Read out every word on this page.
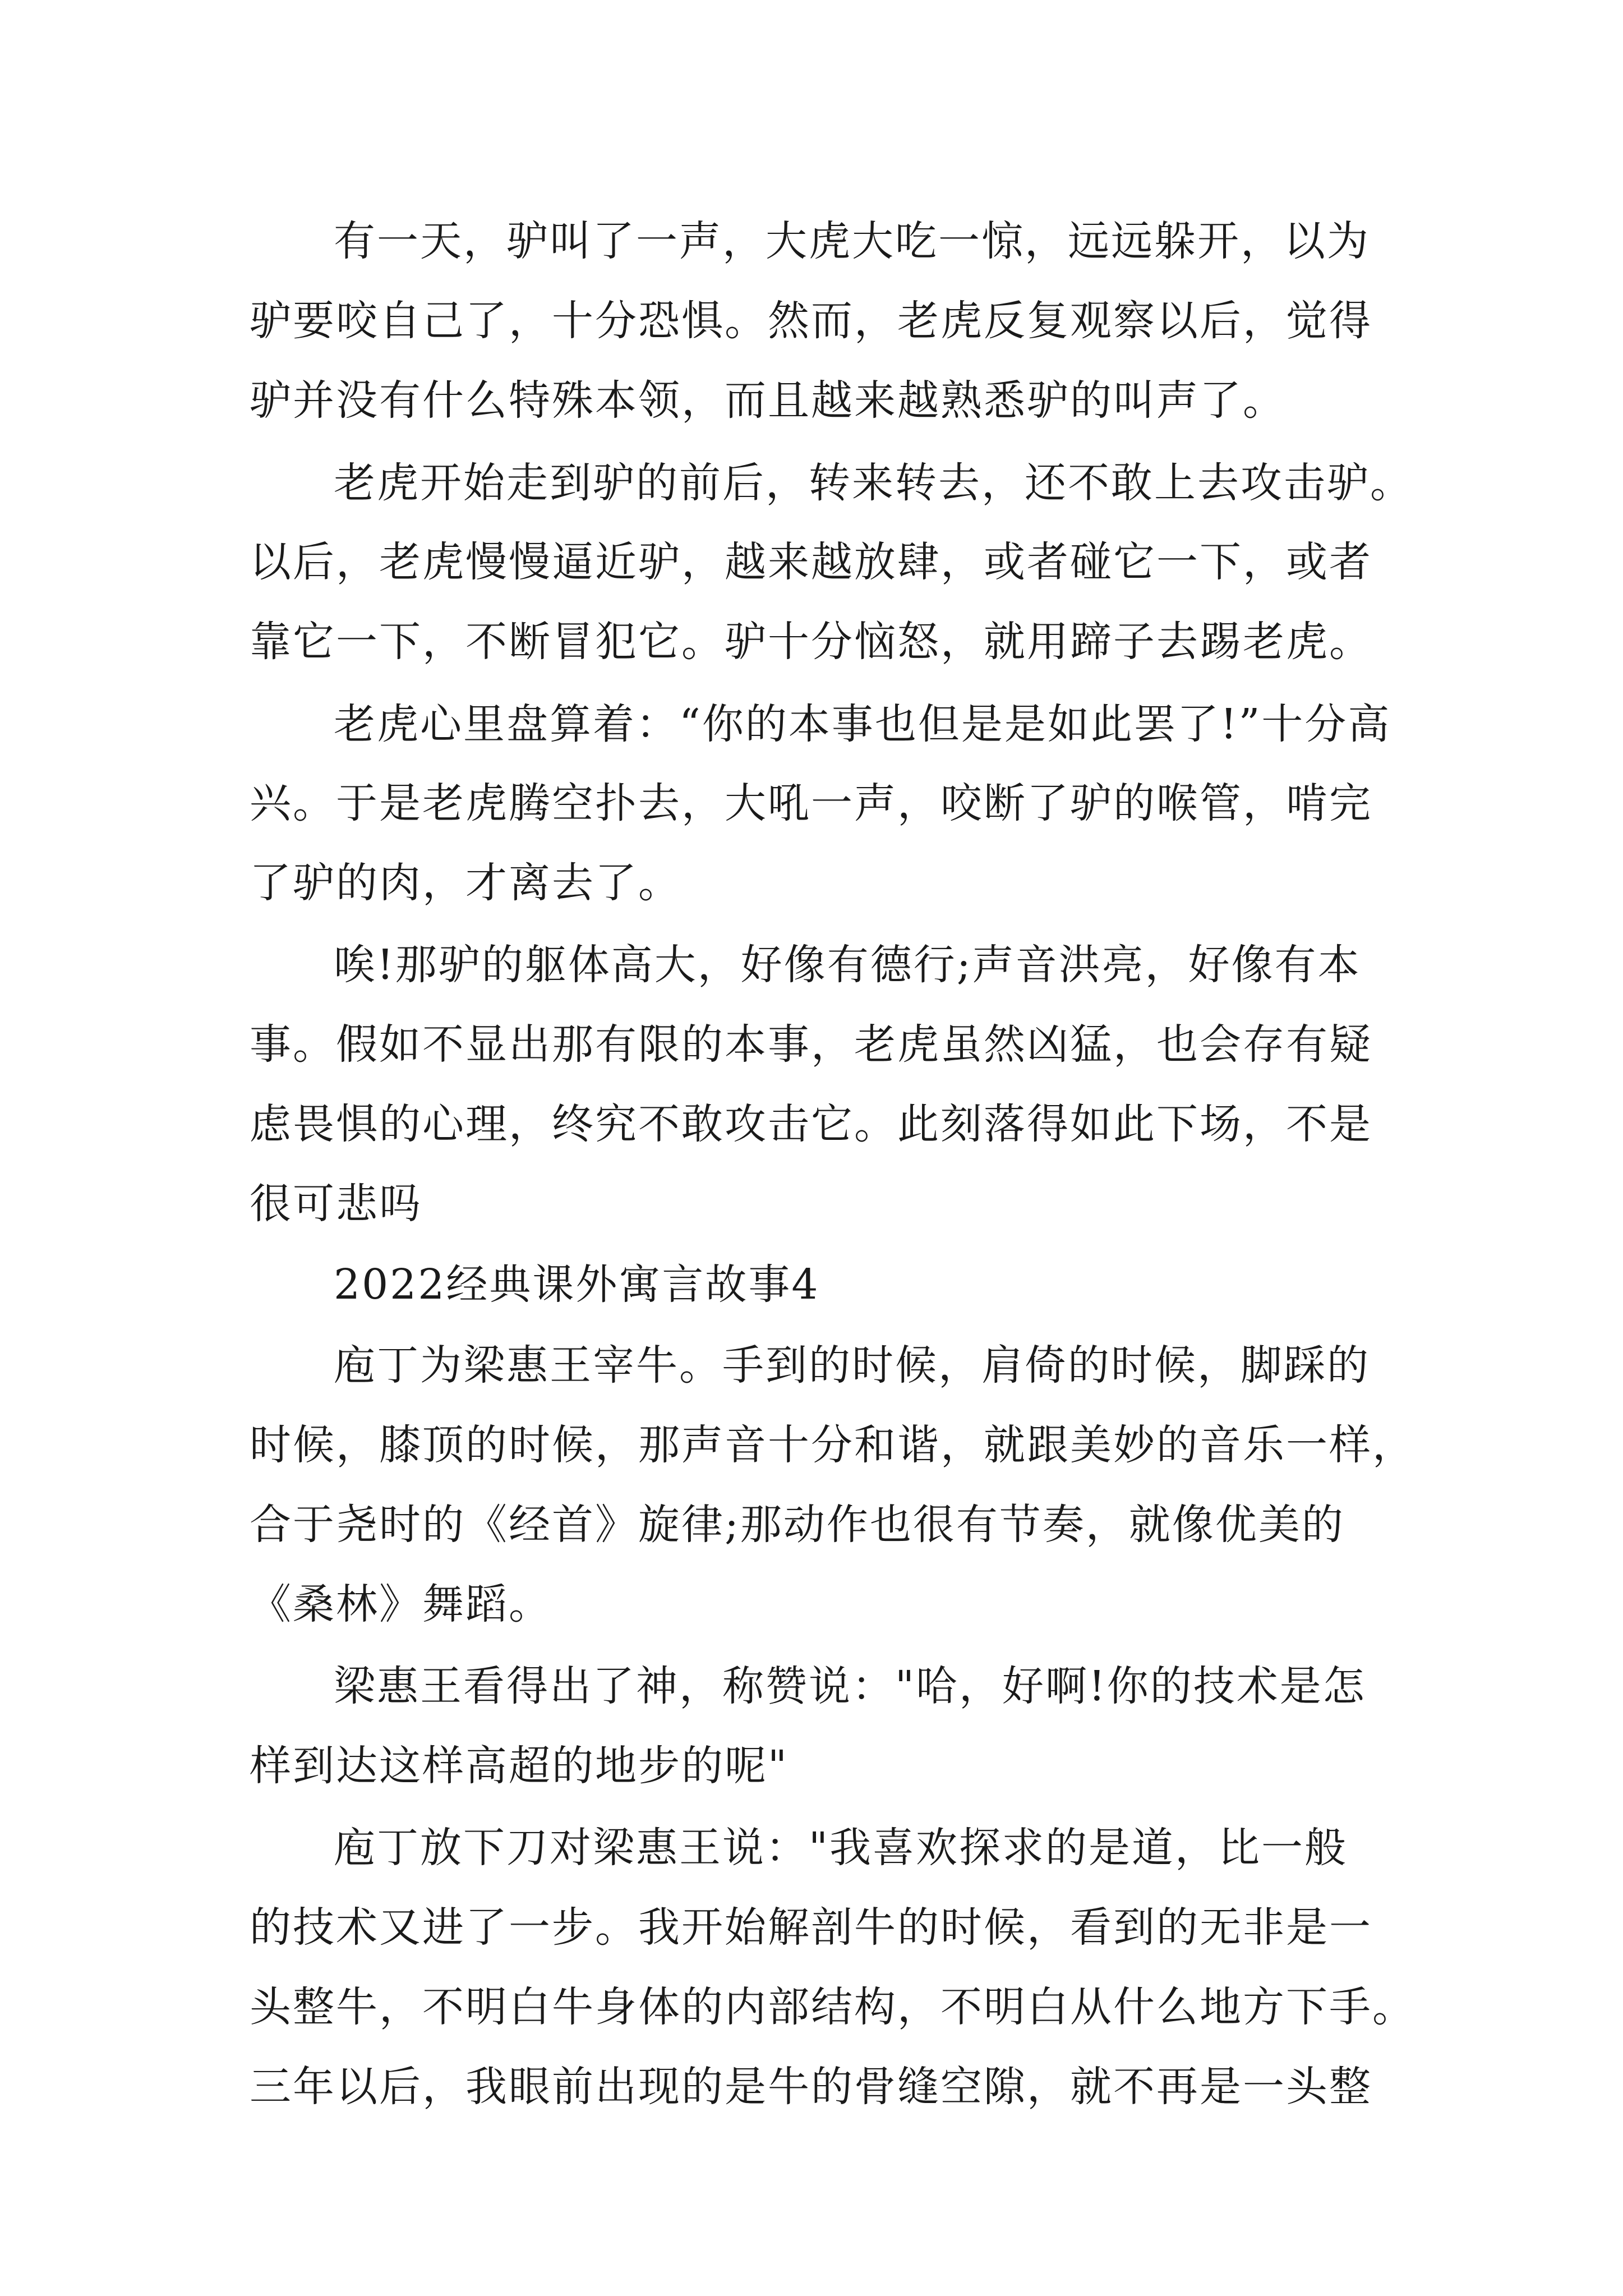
有一天，驴叫了一声，大虎大吃一惊，远远躲开，以为
驴要咬自己了，十分恐惧。然而，老虎反复观察以后，觉得
驴并没有什么特殊本领，而且越来越熟悉驴的叫声了。
老虎开始走到驴的前后，转来转去，还不敢上去攻击驴。
以后，老虎慢慢逼近驴，越来越放肆，或者碰它一下，或者
靠它一下，不断冒犯它。驴十分恼怒，就用蹄子去踢老虎。
老虎心里盘算着：“你的本事也但是是如此罢了!”十分高
兴。于是老虎腾空扑去，大吼一声，咬断了驴的喉管，啃完
了驴的肉，才离去了。
唉!那驴的躯体高大，好像有德行;声音洪亮，好像有本
事。假如不显出那有限的本事，老虎虽然凶猛，也会存有疑
虑畏惧的心理，终究不敢攻击它。此刻落得如此下场，不是
很可悲吗
2022经典课外寓言故事4
庖丁为梁惠王宰牛。手到的时候，肩倚的时候，脚踩的
时候，膝顶的时候，那声音十分和谐，就跟美妙的音乐一样，
合于尧时的《经首》旋律;那动作也很有节奏，就像优美的
《桑林》舞蹈。
梁惠王看得出了神，称赞说："哈，好啊!你的技术是怎
样到达这样高超的地步的呢"
庖丁放下刀对梁惠王说："我喜欢探求的是道，比一般
的技术又进了一步。我开始解剖牛的时候，看到的无非是一
头整牛，不明白牛身体的内部结构，不明白从什么地方下手。
三年以后，我眼前出现的是牛的骨缝空隙，就不再是一头整
